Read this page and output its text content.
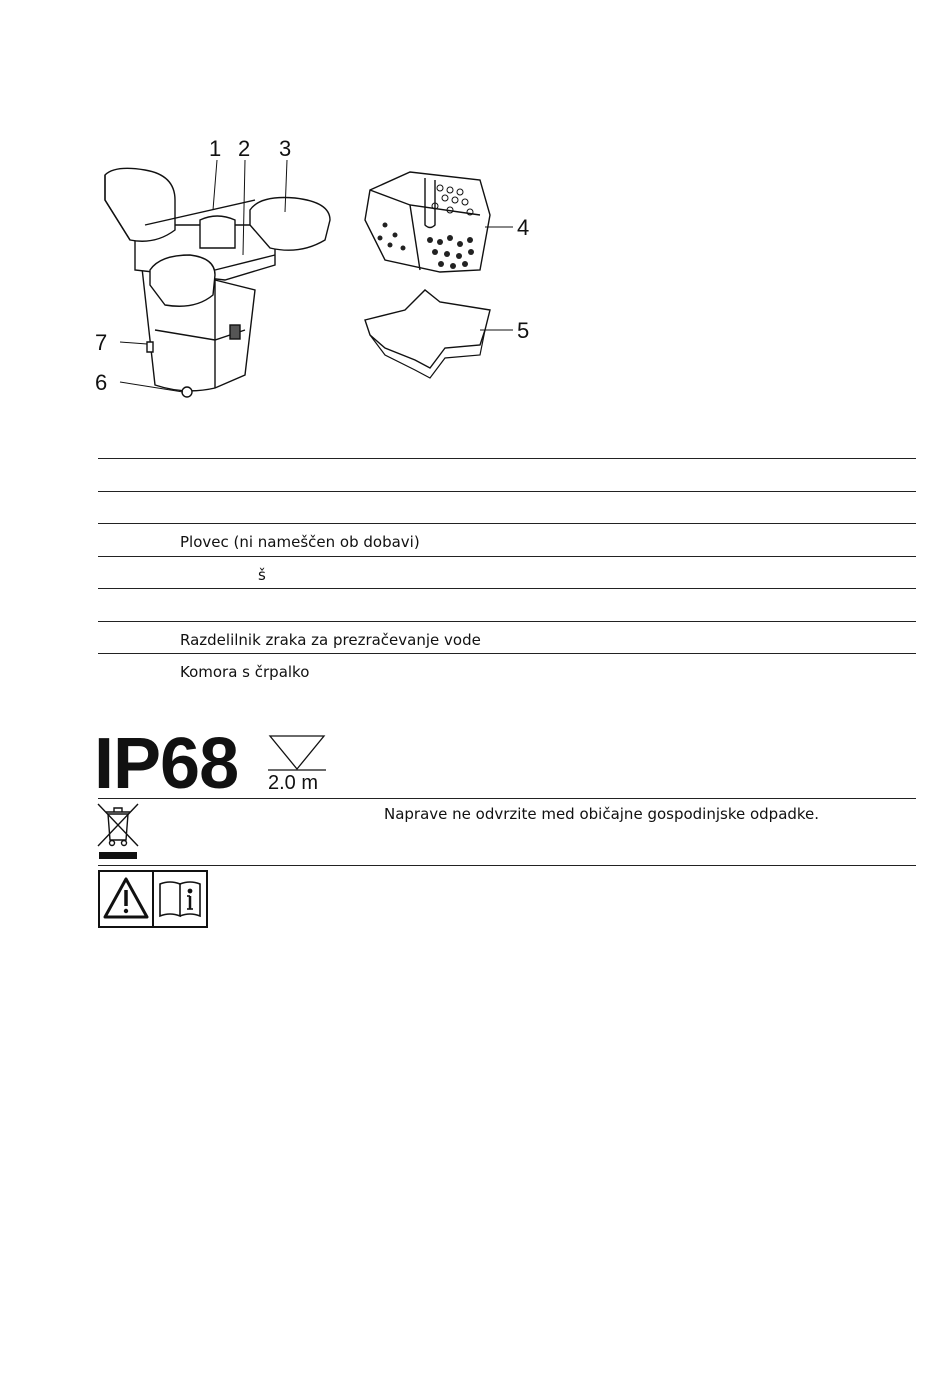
1 2 3
4
5
6
7
Plovec (ni nameščen ob dobavi)
š
Razdelilnik zraka za prezračevanje vode
Komora s črpalko
IP68 2.0 m
Naprave ne odvrzite med običajne gospodinjske odpadke.
